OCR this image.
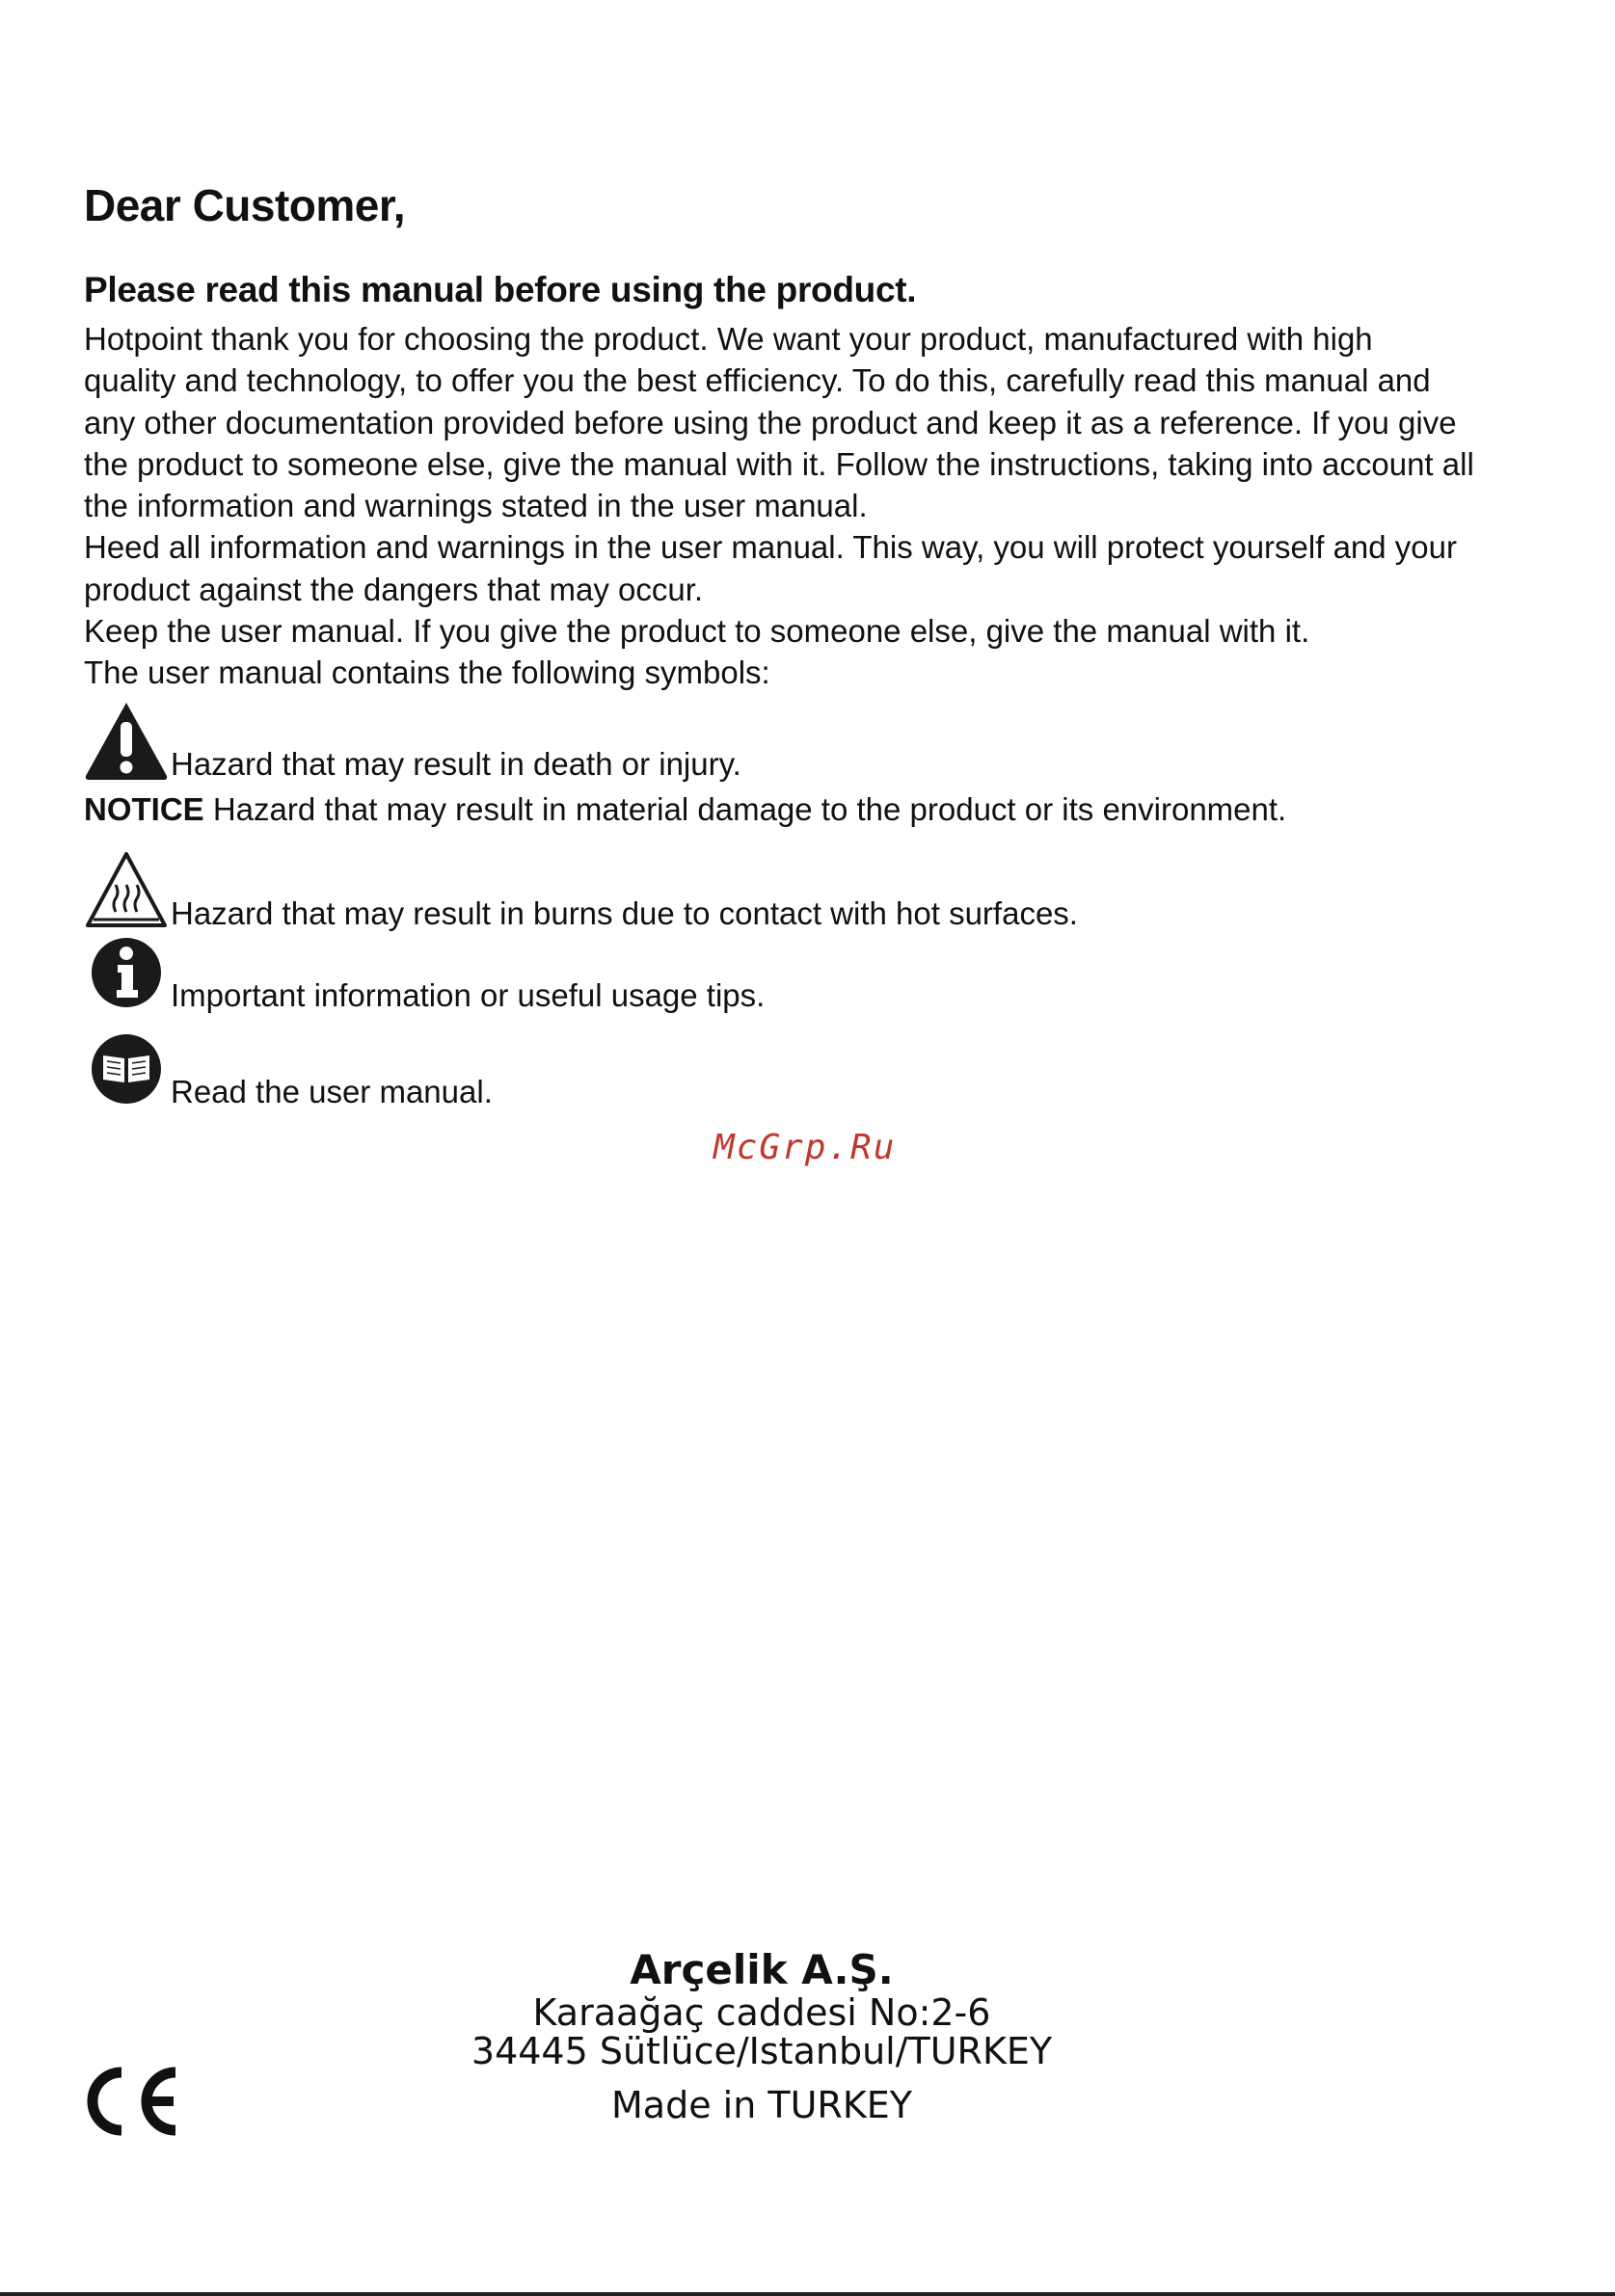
Dear Customer,
Please read this manual before using the product.

Hotpoint thank you for choosing the product. We want your product, manufactured with high

quality and technology, to offer you the best efficiency. To do this, carefully read this manual and

any other documentation provided before using the product and keep it as a reference. If you give

the product to someone else, give the manual with it. Follow the instructions, taking into account all

the information and warnings stated in the user manual.

Heed all information and warnings in the user manual. This way, you will protect yourself and your

product against the dangers that may occur.

Keep the user manual. If you give the product to someone else, give the manual with it.

The user manual contains the following symbols:

Hazard that may result in death or injury.
NOTICE Hazard that may result in material damage to the product or its environment.
Hazard that may result in burns due to contact with hot surfaces.
Important information or useful usage tips.
Read the user manual.
McGrp.Ru
Arçelik A.Ş.
Karaağaç caddesi No:2-6
34445 Sütlüce/Istanbul/TURKEY
Made in TURKEY
